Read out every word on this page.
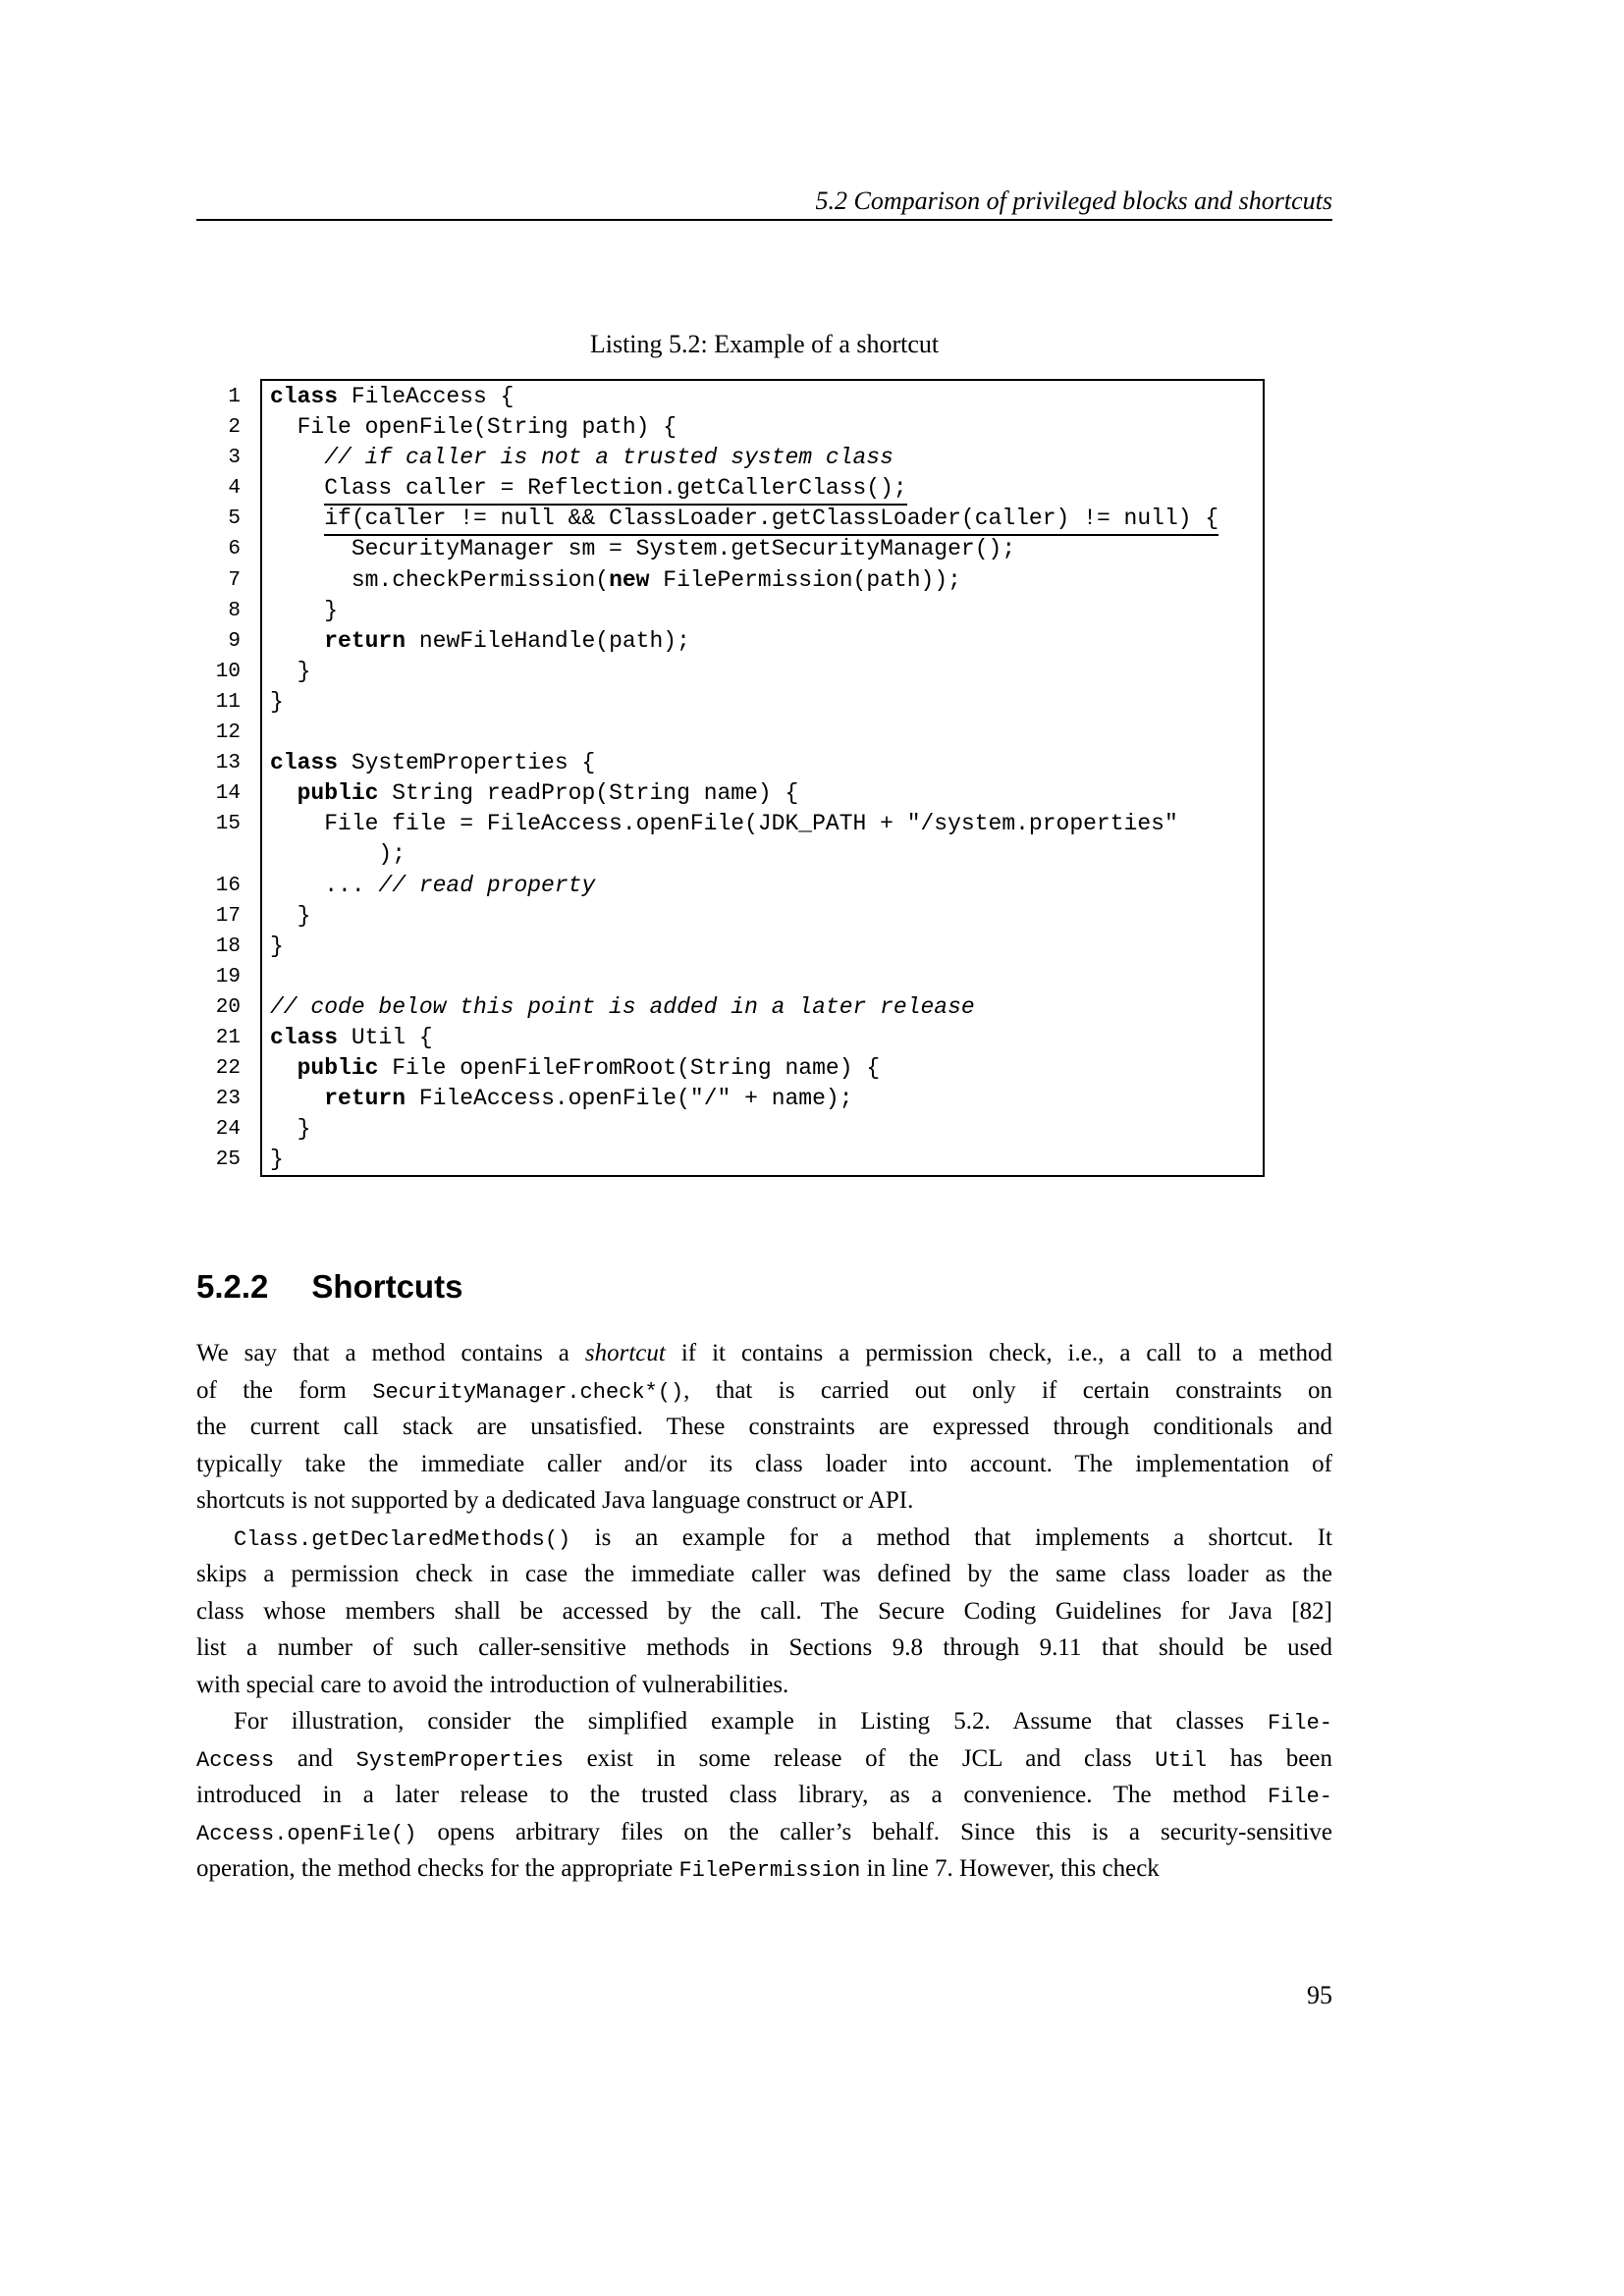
5.2 Comparison of privileged blocks and shortcuts
Listing 5.2: Example of a shortcut
1 class FileAccess {
2 File openFile(String path) {
3	// if caller is not a trusted system class
4	Class caller = Reflection.getCallerClass();
5	if(caller != null && ClassLoader.getClassLoader(caller) != null) {
6 SecurityManager sm = System.getSecurityManager();
7 sm.checkPermission(new FilePermission(path));
8 }
9	return newFileHandle(path);
10 }
11 }
12
13 class SystemProperties {
14	public String readProp(String name) {
15 File file = FileAccess.openFile(JDK_PATH + "/system.properties"
);
16 ... // read property
17 }
18 }
19
20 // code below this point is added in a later release
21 class Util {
22	public File openFileFromRoot(String name) {
23	return FileAccess.openFile("/" + name);
24 }
25 }
5.2.2 Shortcuts
We say that a method contains a shortcut if it contains a permission check, i.e., a call to a method
of the form SecurityManager.check*(), that is carried out only if certain constraints on
the current call stack are unsatisfied. These constraints are expressed through conditionals and
typically take the immediate caller and/or its class loader into account. The implementation of
shortcuts is not supported by a dedicated Java language construct or API.
Class.getDeclaredMethods() is an example for a method that implements a shortcut. It
skips a permission check in case the immediate caller was defined by the same class loader as the
class whose members shall be accessed by the call. The Secure Coding Guidelines for Java [82]
list a number of such caller-sensitive methods in Sections 9.8 through 9.11 that should be used
with special care to avoid the introduction of vulnerabilities.
For illustration, consider the simplified example in Listing 5.2. Assume that classes File-
Access and SystemProperties exist in some release of the JCL and class Util has been
introduced in a later release to the trusted class library, as a convenience. The method File-
Access.openFile() opens arbitrary files on the caller’s behalf. Since this is a security-sensitive
operation, the method checks for the appropriate FilePermission in line 7. However, this check
95
